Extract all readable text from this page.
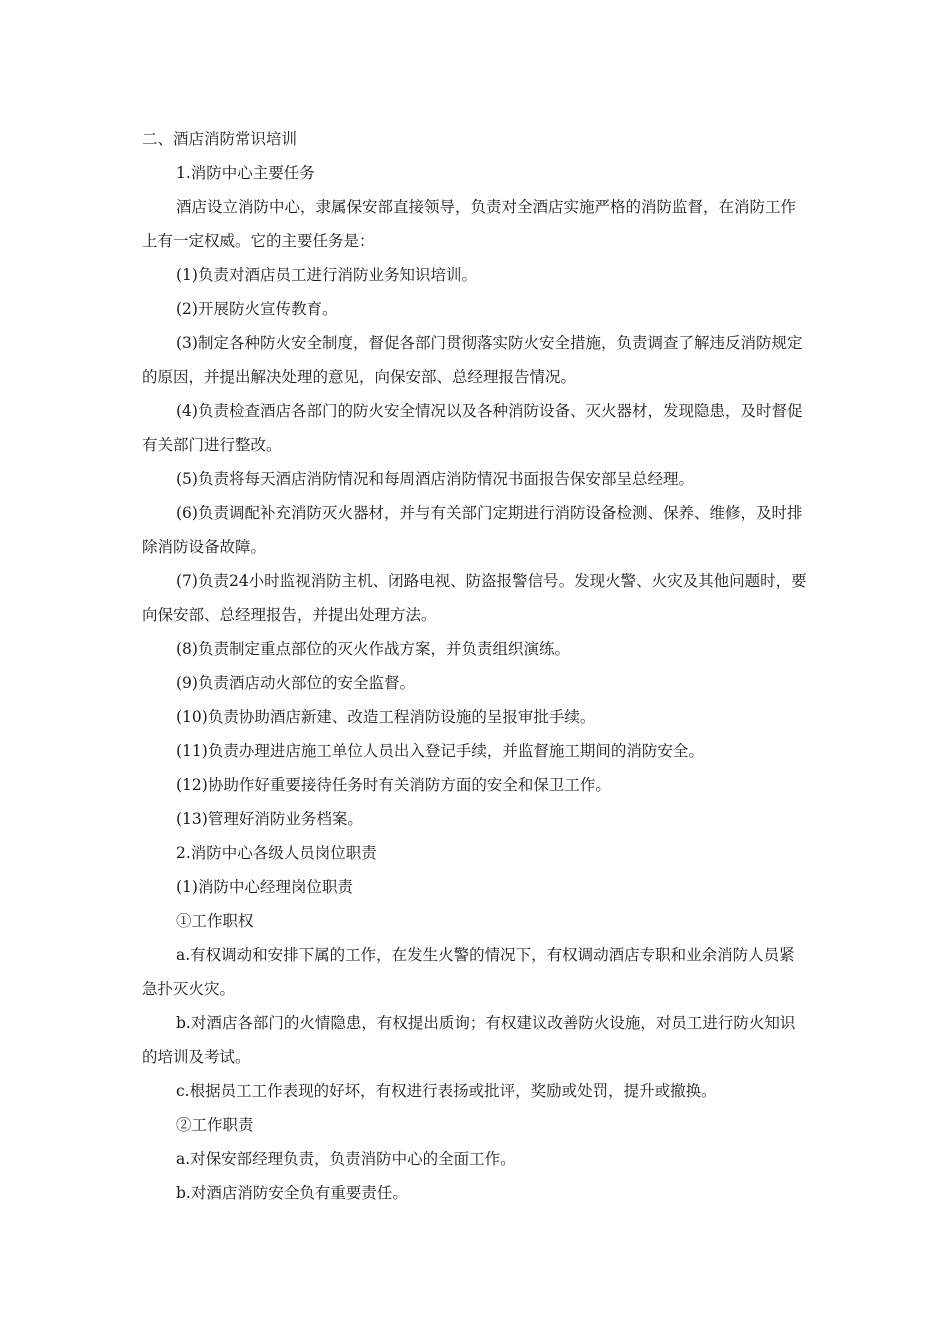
二、酒店消防常识培训

1.消防中心主要任务

酒店设立消防中心，隶属保安部直接领导，负责对全酒店实施严格的消防监督，在消防工作上有一定权威。它的主要任务是：

(1)负责对酒店员工进行消防业务知识培训。

(2)开展防火宣传教育。

(3)制定各种防火安全制度，督促各部门贯彻落实防火安全措施，负责调查了解违反消防规定的原因，并提出解决处理的意见，向保安部、总经理报告情况。

(4)负责检查酒店各部门的防火安全情况以及各种消防设备、灭火器材，发现隐患，及时督促有关部门进行整改。

(5)负责将每天酒店消防情况和每周酒店消防情况书面报告保安部呈总经理。

(6)负责调配补充消防灭火器材，并与有关部门定期进行消防设备检测、保养、维修，及时排除消防设备故障。

(7)负责24小时监视消防主机、闭路电视、防盗报警信号。发现火警、火灾及其他问题时，要向保安部、总经理报告，并提出处理方法。

(8)负责制定重点部位的灭火作战方案，并负责组织演练。

(9)负责酒店动火部位的安全监督。

(10)负责协助酒店新建、改造工程消防设施的呈报审批手续。

(11)负责办理进店施工单位人员出入登记手续，并监督施工期间的消防安全。

(12)协助作好重要接待任务时有关消防方面的安全和保卫工作。

(13)管理好消防业务档案。

2.消防中心各级人员岗位职责

(1)消防中心经理岗位职责

①工作职权

a.有权调动和安排下属的工作，在发生火警的情况下，有权调动酒店专职和业余消防人员紧急扑灭火灾。

b.对酒店各部门的火情隐患，有权提出质询；有权建议改善防火设施，对员工进行防火知识的培训及考试。

c.根据员工工作表现的好坏，有权进行表扬或批评，奖励或处罚，提升或撤换。

②工作职责

a.对保安部经理负责，负责消防中心的全面工作。

b.对酒店消防安全负有重要责任。
